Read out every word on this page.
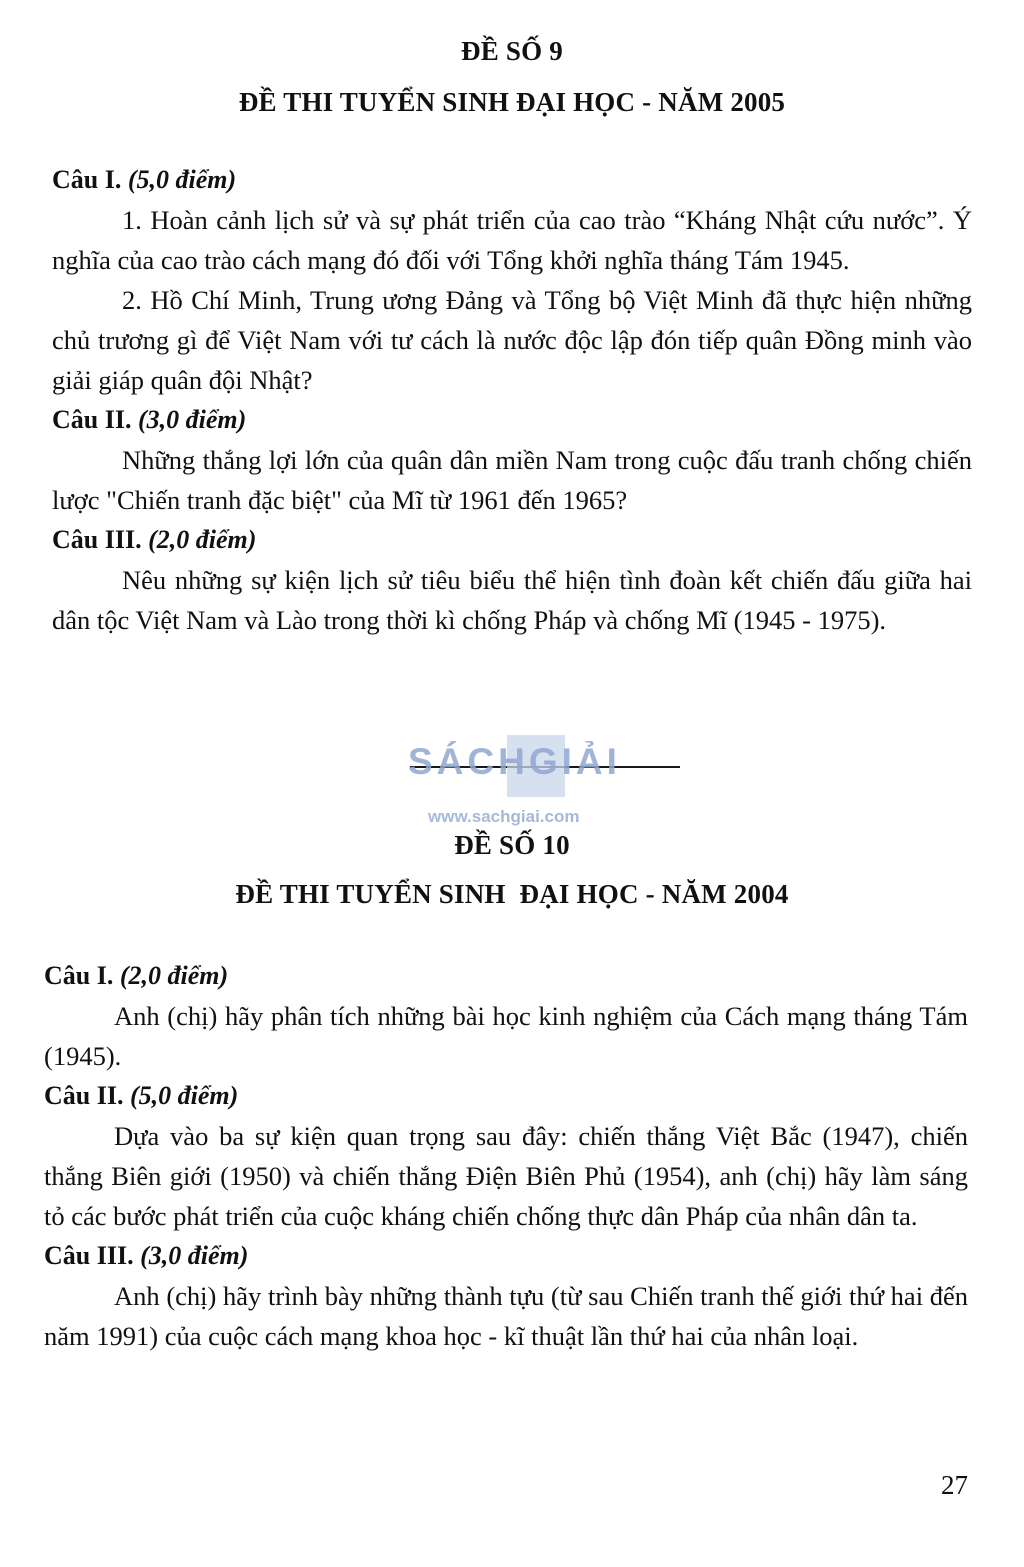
ĐỀ SỐ 9
ĐỀ THI TUYỂN SINH ĐẠI HỌC - NĂM 2005
Câu I. (5,0 điểm)

1. Hoàn cảnh lịch sử và sự phát triển của cao trào “Kháng Nhật cứu nước”. Ý nghĩa của cao trào cách mạng đó đối với Tổng khởi nghĩa tháng Tám 1945.

2. Hồ Chí Minh, Trung ương Đảng và Tổng bộ Việt Minh đã thực hiện những chủ trương gì để Việt Nam với tư cách là nước độc lập đón tiếp quân Đồng minh vào giải giáp quân đội Nhật?

Câu II. (3,0 điểm)

Những thắng lợi lớn của quân dân miền Nam trong cuộc đấu tranh chống chiến lược "Chiến tranh đặc biệt" của Mĩ từ 1961 đến 1965?

Câu III. (2,0 điểm)

Nêu những sự kiện lịch sử tiêu biểu thể hiện tình đoàn kết chiến đấu giữa hai dân tộc Việt Nam và Lào trong thời kì chống Pháp và chống Mĩ (1945 - 1975).

SÁCHGIẢI
www.sachgiai.com
ĐỀ SỐ 10
ĐỀ THI TUYỂN SINH  ĐẠI HỌC - NĂM 2004
Câu I. (2,0 điểm)

Anh (chị) hãy phân tích những bài học kinh nghiệm của Cách mạng tháng Tám (1945).

Câu II. (5,0 điểm)

Dựa vào ba sự kiện quan trọng sau đây: chiến thắng Việt Bắc (1947), chiến thắng Biên giới (1950) và chiến thắng Điện Biên Phủ (1954), anh (chị) hãy làm sáng tỏ các bước phát triển của cuộc kháng chiến chống thực dân Pháp của nhân dân ta.

Câu III. (3,0 điểm)

Anh (chị) hãy trình bày những thành tựu (từ sau Chiến tranh thế giới thứ hai đến năm 1991) của cuộc cách mạng khoa học - kĩ thuật lần thứ hai của nhân loại.

27
